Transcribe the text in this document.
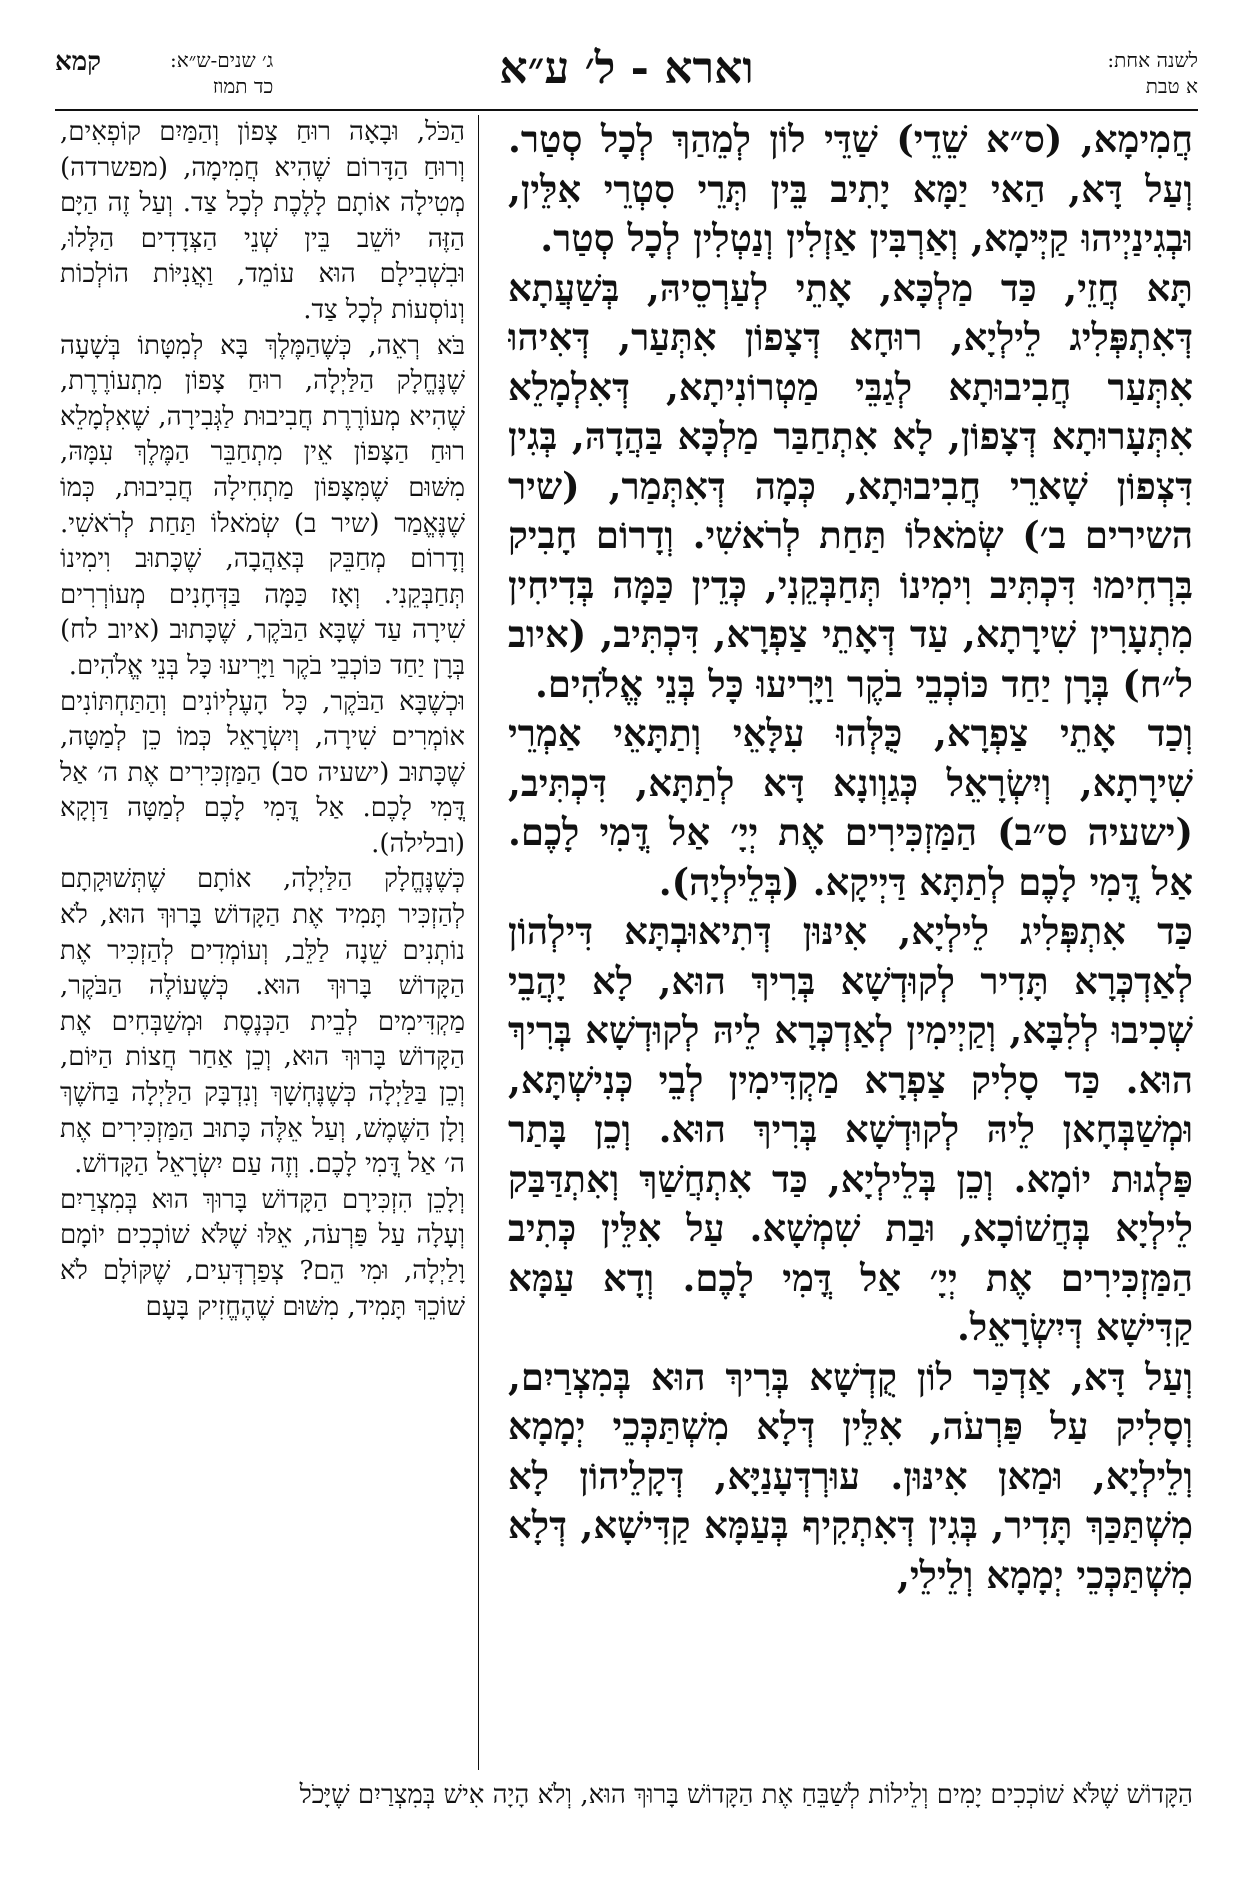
לשנה אחת:
א טבת
וארא - ל׳ ע״א
ג׳ שנים-ש״א:
כד תמוז
קמא

חֲמִימָא, (ס״א שֵׁדֵי) שַׁדֵּי לוֹן לְמֵהַךְ לְכָל סְטַר. וְעַל דָּא, הַאי יַמָּא יָתִיב בֵּין תְּרֵי סִטְרֵי אִלֵּין, וּבְגִינַיְיהוּ קַיְּימָא, וְאַרְבִּין אַזְלִין וְנַטְלִין לְכָל סְטַר.

תָּא חֲזֵי, כַּד מַלְכָּא, אָתֵי לְעַרְסֵיהּ, בְּשַׁעֲתָא דְּאִתְפְּלִיג לֵילְיָא, רוּחָא דְּצָפוֹן אִתְּעַר, דְּאִיהוּ אִתְּעַר חֲבִיבוּתָא לְגַבֵּי מַטְרוֹנִיתָא, דְּאִלְמָלֵא אִתְּעָרוּתָא דְּצָפוֹן, לָא אִתְחַבַּר מַלְכָּא בַּהֲדָהּ, בְּגִין דִּצְפוֹן שָׁארֵי חֲבִיבוּתָא, כְּמָה דְּאִתְּמַר, (שיר השירים ב׳) שְׂמֹאלוֹ תַּחַת לְרֹאשִׁי. וְדָרוֹם חָבִיק בִּרְחִימוּ דִּכְתִּיב וִימִינוֹ תְּחַבְּקֵנִי, כְּדֵין כַּמָּה בְּדִיחִין מִתְעָרִין שִׁירָתָא, עַד דְּאָתֵי צַפְרָא, דִּכְתִּיב, (איוב ל״ח) בְּרָן יַחַד כּוֹכְבֵי בֹקֶר וַיָּרִיעוּ כָּל בְּנֵי אֱלֹהִים.

וְכַד אָתֵי צַפְרָא, כֻּלְּהוּ עִלָּאֵי וְתַתָּאֵי אַמְרֵי שִׁירָתָא, וְיִשְׂרָאֵל כְּגַוְונָא דָּא לְתַתָּא, דִּכְתִּיב, (ישעיה ס״ב) הַמַּזְכִּירִים אֶת יְיָ׳ אַל דֳּמִי לָכֶם. אַל דֳּמִי לָכֶם לְתַתָּא דַּיְיקָא. (בְּלֵילְיָה).

כַּד אִתְפְּלִיג לֵילְיָא, אִינּוּן דְּתִיאוּבְתָּא דִּילְהוֹן לְאַדְכְּרָא תָּדִיר לְקוּדְשָׁא בְּרִיךְ הוּא, לָא יָהֲבֵי שְׁכִיבוּ לְלִבָּא, וְקַיְימִין לְאַדְכְּרָא לֵיהּ לְקוּדְשָׁא בְּרִיךְ הוּא. כַּד סָלִיק צַפְרָא מַקְדִּימִין לְבֵי כְּנִישְׁתָּא, וּמְשַׁבְּחָאן לֵיהּ לְקוּדְשָׁא בְּרִיךְ הוּא. וְכֵן בָּתַר פַּלְגוּת יוֹמָא. וְכֵן בְּלֵילְיָא, כַּד אִתְחֲשַׁךְ וְאִתְדַּבַּק לֵילְיָא בְּחֲשׁוֹכָא, וּבַת שִׁמְשָׁא. עַל אִלֵּין כְּתִיב הַמַּזְכִּירִים אֶת יְיָ׳ אַל דֳּמִי לָכֶם. וְדָא עַמָּא קַדִּישָׁא דְּיִשְׂרָאֵל.

וְעַל דָּא, אַדְכַּר לוֹן קֻדְשָׁא בְּרִיךְ הוּא בְּמִצְרַיִם, וְסָלִיק עַל פַּרְעֹה, אִלֵּין דְּלָא מִשְׁתַּכְּכֵי יְמָמָא וְלֵילְיָא, וּמַאן אִינּוּן. עוּרְדְּעָנַיָּא, דְּקָלֵיהוֹן לָא מִשְׁתַּכַּךְ תָּדִיר, בְּגִין דְּאִתְקִיף בְּעַמָּא קַדִּישָׁא, דְּלָא מִשְׁתַּכְּכֵי יְמָמָא וְלֵילֵי,

הַכֹּל, וּבָאָה רוּחַ צָפוֹן וְהַמַּיִם קוֹפְאִים, וְרוּחַ הַדָּרוֹם שֶׁהִיא חֲמִימָה, (מפשרדה) מְטִילָה אוֹתָם לָלֶכֶת לְכָל צַד. וְעַל זֶה הַיָּם הַזֶּה יוֹשֵׁב בֵּין שְׁנֵי הַצְּדָדִים הַלָּלוּ, וּבִשְׁבִילָם הוּא עוֹמֵד, וַאֲנִיּוֹת הוֹלְכוֹת וְנוֹסְעוֹת לְכָל צַד.

בֹּא רְאֵה, כְּשֶׁהַמֶּלֶךְ בָּא לְמִטָּתוֹ בְּשָׁעָה שֶׁנֶּחֱלָק הַלַּיְלָה, רוּחַ צָפוֹן מִתְעוֹרֶרֶת, שֶׁהִיא מְעוֹרֶרֶת חֲבִיבוּת לַגְּבִירָה, שֶׁאִלְמָלֵא רוּחַ הַצָּפוֹן אֵין מִתְחַבֵּר הַמֶּלֶךְ עִמָּהּ, מִשּׁוּם שֶׁמִּצָּפוֹן מַתְחִילָה חֲבִיבוּת, כְּמוֹ שֶׁנֶּאֱמַר (שיר ב) שְׂמֹאלוֹ תַּחַת לְרֹאשִׁי. וְדָרוֹם מְחַבֵּק בְּאַהֲבָה, שֶׁכָּתוּב וִימִינוֹ תְּחַבְּקֵנִי. וְאָז כַּמָּה בַּדְּחָנִים מְעוֹרְרִים שִׁירָה עַד שֶׁבָּא הַבֹּקֶר, שֶׁכָּתוּב (איוב לח) בְּרָן יַחַד כּוֹכְבֵי בֹקֶר וַיָּרִיעוּ כָּל בְּנֵי אֱלֹהִים.

וּכְשֶׁבָּא הַבֹּקֶר, כָּל הָעֶלְיוֹנִים וְהַתַּחְתּוֹנִים אוֹמְרִים שִׁירָה, וְיִשְׂרָאֵל כְּמוֹ כֵן לְמַטָּה, שֶׁכָּתוּב (ישעיה סב) הַמַּזְכִּירִים אֶת ה׳ אַל דֳּמִי לָכֶם. אַל דֳּמִי לָכֶם לְמַטָּה דַּוְקָא (ובלילה).

כְּשֶׁנֶּחֱלָק הַלַּיְלָה, אוֹתָם שֶׁתְּשׁוּקָתָם לְהַזְכִּיר תָּמִיד אֶת הַקָּדוֹשׁ בָּרוּךְ הוּא, לֹא נוֹתְנִים שֵׁנָה לַלֵּב, וְעוֹמְדִים לְהַזְכִּיר אֶת הַקָּדוֹשׁ בָּרוּךְ הוּא. כְּשֶׁעוֹלֶה הַבֹּקֶר, מַקְדִּימִים לְבֵית הַכְּנֶסֶת וּמְשַׁבְּחִים אֶת הַקָּדוֹשׁ בָּרוּךְ הוּא, וְכֵן אַחַר חֲצוֹת הַיּוֹם, וְכֵן בַּלַּיְלָה כְּשֶׁנֶּחְשָׁךְ וְנִדְבָּק הַלַּיְלָה בַּחֹשֶׁךְ וְלָן הַשֶּׁמֶשׁ, וְעַל אֵלֶּה כָּתוּב הַמַּזְכִּירִים אֶת ה׳ אַל דֳּמִי לָכֶם. וְזֶה עַם יִשְׂרָאֵל הַקָּדוֹשׁ.

וְלָכֵן הִזְכִּירָם הַקָּדוֹשׁ בָּרוּךְ הוּא בְּמִצְרַיִם וְעָלָה עַל פַּרְעֹה, אֵלּוּ שֶׁלֹּא שׁוֹכְכִים יוֹמָם וָלַיְלָה, וּמִי הֵם? צְפַרְדְּעִים, שֶׁקּוֹלָם לֹא שׁוֹכֵךְ תָּמִיד, מִשּׁוּם שֶׁהֶחֱזִיק בָּעָם

הַקָּדוֹשׁ שֶׁלֹּא שׁוֹכְכִים יָמִים וְלֵילוֹת לְשַׁבֵּחַ אֶת הַקָּדוֹשׁ בָּרוּךְ הוּא, וְלֹא הָיָה אִישׁ בְּמִצְרַיִם שֶׁיָּכֹל
